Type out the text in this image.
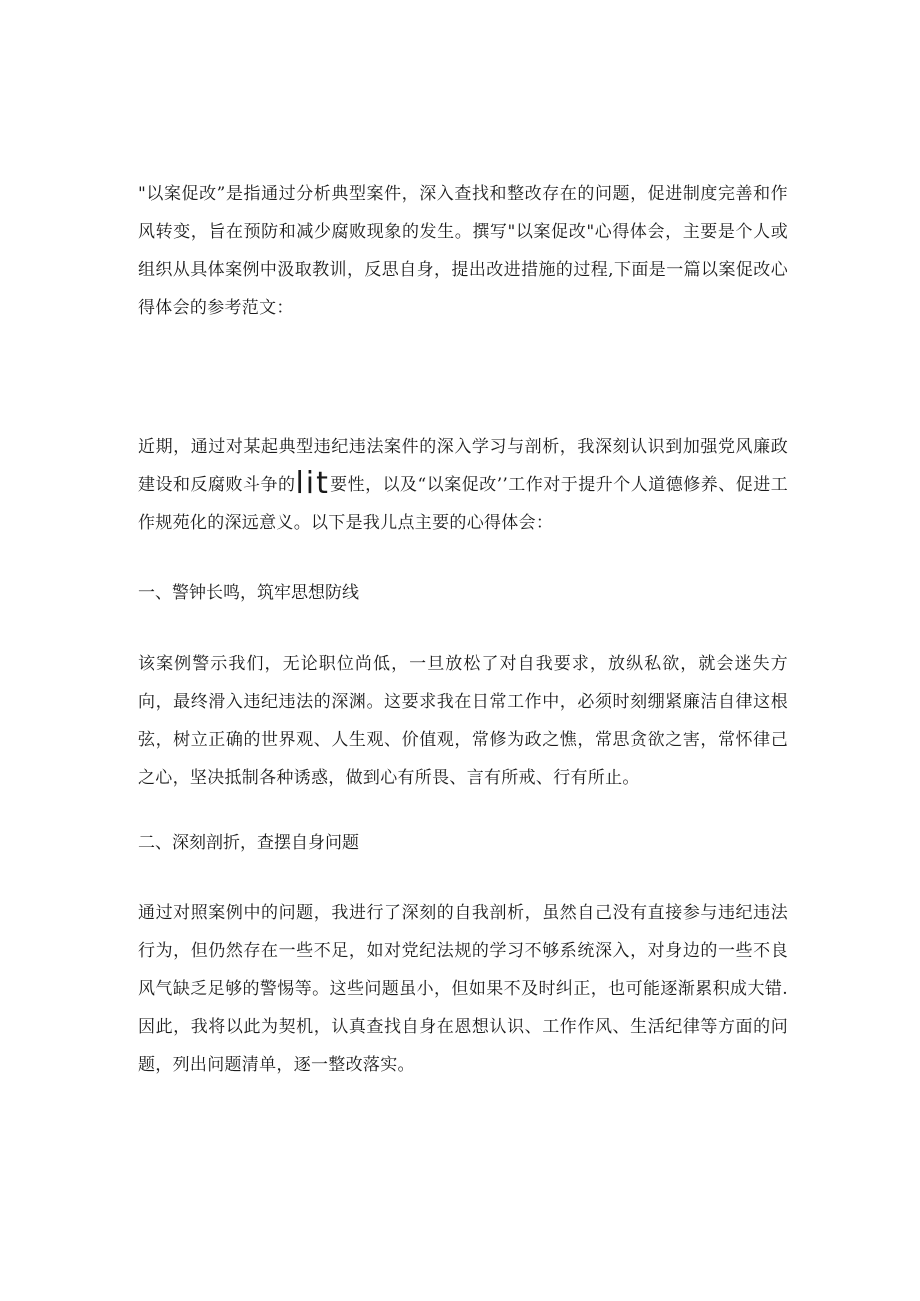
"以案促改”是指通过分析典型案件，深入查找和整改存在的问题，促进制度完善和作风转变，旨在预防和减少腐败现象的发生。撰写"以案促改"心得体会，主要是个人或组织从具体案例中汲取教训，反思自身，提出改进措施的过程,下面是一篇以案促改心得体会的参考范文：

近期，通过对某起典型违纪违法案件的深入学习与剖析，我深刻认识到加强党风廉政建设和反腐败斗争的lit要性，以及“以案促改’’工作对于提升个人道德修养、促进工作规苑化的深远意义。以下是我儿点主要的心得体会：

一、警钟长鸣，筑牢思想防线

该案例警示我们，无论职位尚低，一旦放松了对自我要求，放纵私欲，就会迷失方向，最终滑入违纪违法的深渊。这要求我在日常工作中，必须时刻绷紧廉洁自律这根弦，树立正确的世界观、人生观、价值观，常修为政之憔，常思贪欲之害，常怀律己之心，坚决抵制各种诱惑，做到心有所畏、言有所戒、行有所止。

二、深刻剖折，查摆自身问题

通过对照案例中的问题，我进行了深刻的自我剖析，虽然自己没有直接参与违纪违法行为，但仍然存在一些不足，如对党纪法规的学习不够系统深入，对身边的一些不良风气缺乏足够的警惕等。这些问题虽小，但如果不及时纠正，也可能逐渐累积成大错.因此，我将以此为契机，认真查找自身在恩想认识、工作作风、生活纪律等方面的问题，列出问题清单，逐一整改落实。
